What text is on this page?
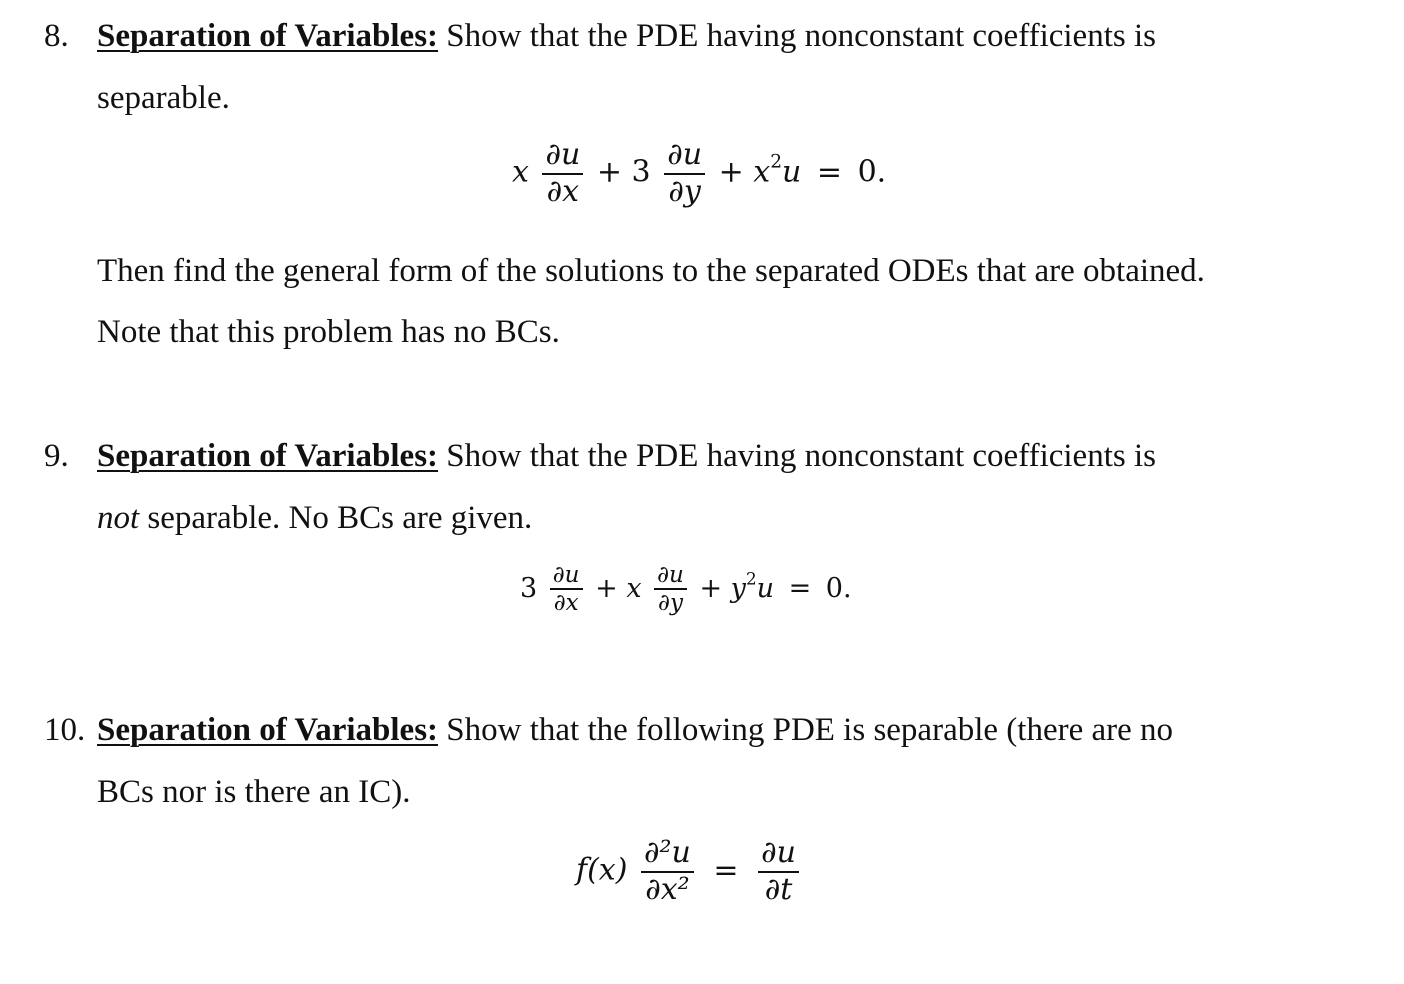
8. Separation of Variables: Show that the PDE having nonconstant coefficients is
separable.
x $\frac{\partial u}{\partial x} + 3 \frac{\partial u}{\partial y} + x^2u = 0$.
Then find the general form of the solutions to the separated ODEs that are obtained.
Note that this problem has no BCs.
9. Separation of Variables: Show that the PDE having nonconstant coefficients is
not separable. No BCs are given.
$3 \frac{\partial u}{\partial x} + x \frac{\partial u}{\partial y} + y^2u = 0$.
10. Separation of Variables: Show that the following PDE is separable (there are no
BCs nor is there an IC).
$f(x) \frac{\text{∂²u}}{\text{∂x²}} = \frac{\partial u}{\partial t}$
